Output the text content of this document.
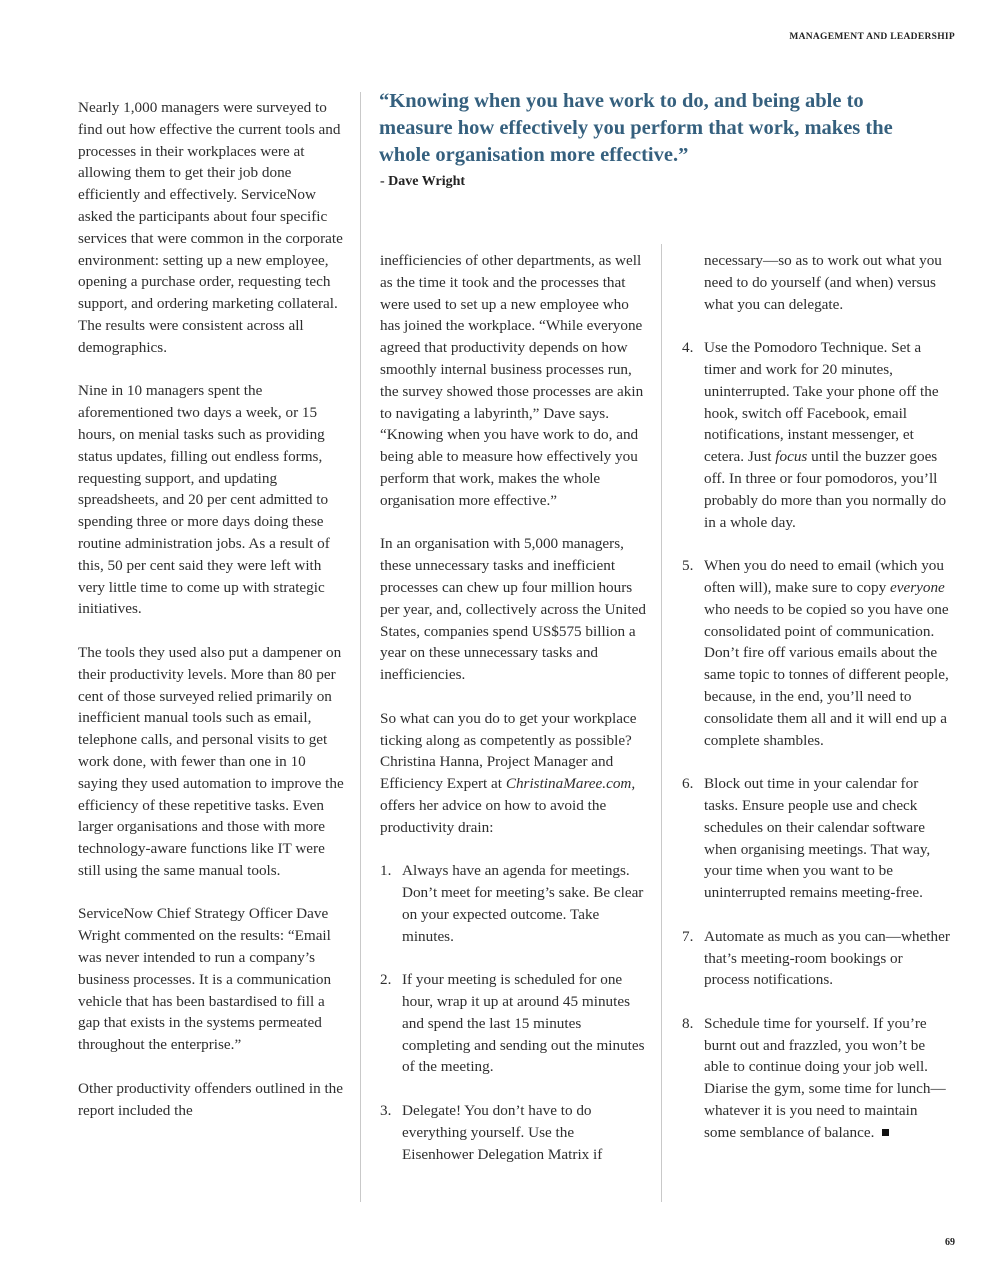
MANAGEMENT AND LEADERSHIP
“Knowing when you have work to do, and being able to measure how effectively you perform that work, makes the whole organisation more effective.”
- Dave Wright

Nearly 1,000 managers were surveyed to find out how effective the current tools and processes in their workplaces were at allowing them to get their job done efficiently and effectively. ServiceNow asked the participants about four specific services that were common in the corporate environment: setting up a new employee, opening a purchase order, requesting tech support, and ordering marketing collateral. The results were consistent across all demographics.

Nine in 10 managers spent the aforementioned two days a week, or 15 hours, on menial tasks such as providing status updates, filling out endless forms, requesting support, and updating spreadsheets, and 20 per cent admitted to spending three or more days doing these routine administration jobs. As a result of this, 50 per cent said they were left with very little time to come up with strategic initiatives.

The tools they used also put a dampener on their productivity levels. More than 80 per cent of those surveyed relied primarily on inefficient manual tools such as email, telephone calls, and personal visits to get work done, with fewer than one in 10 saying they used automation to improve the efficiency of these repetitive tasks. Even larger organisations and those with more technology-aware functions like IT were still using the same manual tools.

ServiceNow Chief Strategy Officer Dave Wright commented on the results: “Email was never intended to run a company’s business processes. It is a communication vehicle that has been bastardised to fill a gap that exists in the systems permeated throughout the enterprise.”

Other productivity offenders outlined in the report included the

inefficiencies of other departments, as well as the time it took and the processes that were used to set up a new employee who has joined the workplace. “While everyone agreed that productivity depends on how smoothly internal business processes run, the survey showed those processes are akin to navigating a labyrinth,” Dave says. “Knowing when you have work to do, and being able to measure how effectively you perform that work, makes the whole organisation more effective.”

In an organisation with 5,000 managers, these unnecessary tasks and inefficient processes can chew up four million hours per year, and, collectively across the United States, companies spend US$575 billion a year on these unnecessary tasks and inefficiencies.

So what can you do to get your workplace ticking along as competently as possible? Christina Hanna, Project Manager and Efficiency Expert at ChristinaMaree.com, offers her advice on how to avoid the productivity drain:

1. Always have an agenda for meetings. Don’t meet for meeting’s sake. Be clear on your expected outcome. Take minutes.
2. If your meeting is scheduled for one hour, wrap it up at around 45 minutes and spend the last 15 minutes completing and sending out the minutes of the meeting.
3. Delegate! You don’t have to do everything yourself. Use the Eisenhower Delegation Matrix if
necessary—so as to work out what you need to do yourself (and when) versus what you can delegate.
4. Use the Pomodoro Technique. Set a timer and work for 20 minutes, uninterrupted. Take your phone off the hook, switch off Facebook, email notifications, instant messenger, et cetera. Just focus until the buzzer goes off. In three or four pomodoros, you’ll probably do more than you normally do in a whole day.
5. When you do need to email (which you often will), make sure to copy everyone who needs to be copied so you have one consolidated point of communication. Don’t fire off various emails about the same topic to tonnes of different people, because, in the end, you’ll need to consolidate them all and it will end up a complete shambles.
6. Block out time in your calendar for tasks. Ensure people use and check schedules on their calendar software when organising meetings. That way, your time when you want to be uninterrupted remains meeting-free.
7. Automate as much as you can—whether that’s meeting-room bookings or process notifications.
8. Schedule time for yourself. If you’re burnt out and frazzled, you won’t be able to continue doing your job well. Diarise the gym, some time for lunch—whatever it is you need to maintain some semblance of balance.
69
